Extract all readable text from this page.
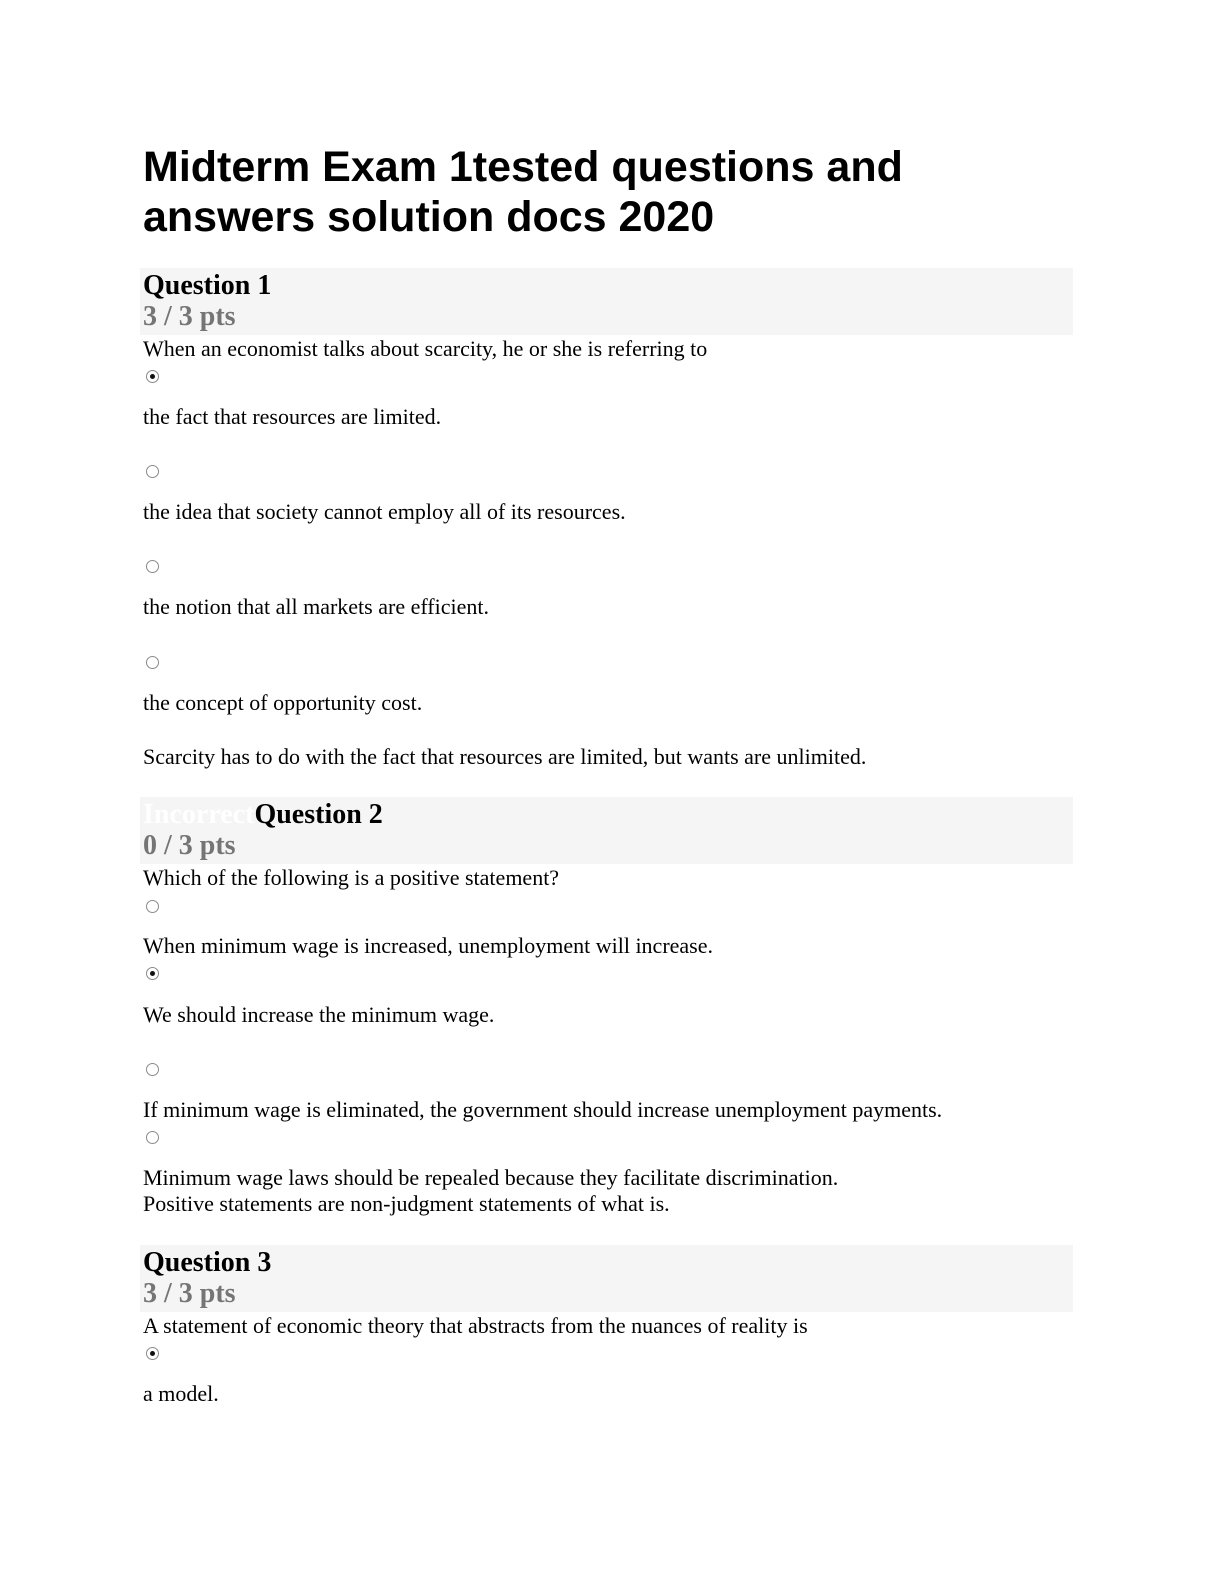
Midterm Exam 1tested questions and answers solution docs 2020
Question 1
3 / 3 pts
When an economist talks about scarcity, he or she is referring to
the fact that resources are limited.
the idea that society cannot employ all of its resources.
the notion that all markets are efficient.
the concept of opportunity cost.
Scarcity has to do with the fact that resources are limited, but wants are unlimited.
IncorrectQuestion 2
0 / 3 pts
Which of the following is a positive statement?
When minimum wage is increased, unemployment will increase.
We should increase the minimum wage.
If minimum wage is eliminated, the government should increase unemployment payments.
Minimum wage laws should be repealed because they facilitate discrimination.
Positive statements are non-judgment statements of what is.
Question 3
3 / 3 pts
A statement of economic theory that abstracts from the nuances of reality is
a model.
